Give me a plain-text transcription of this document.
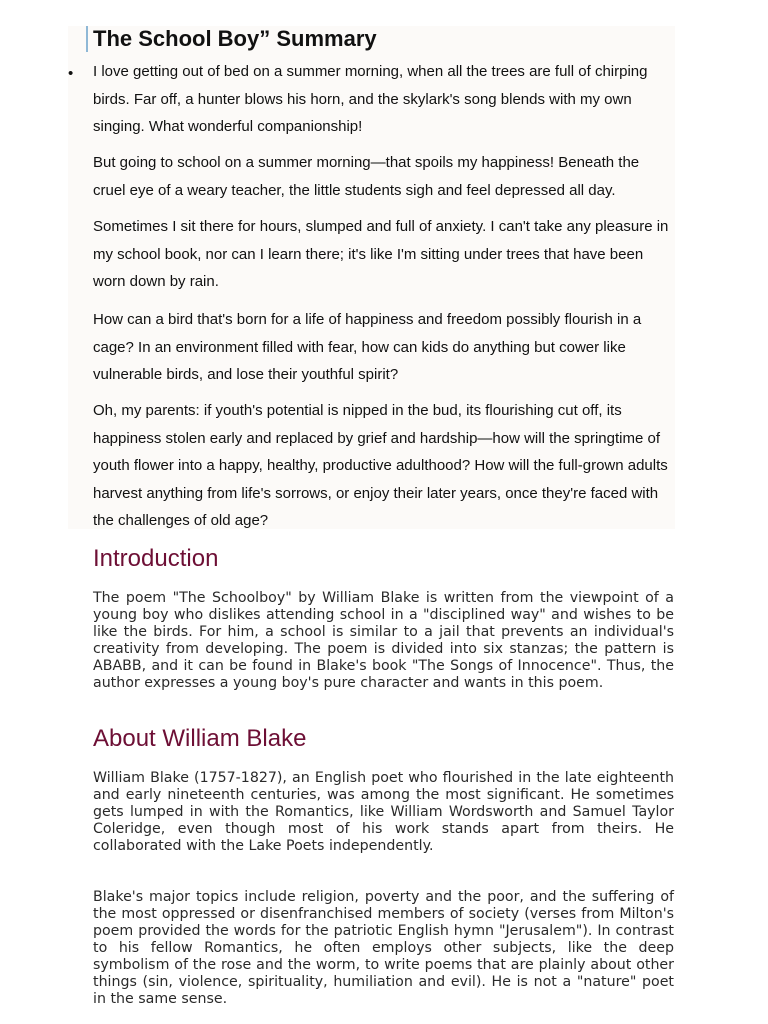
The School Boy” Summary
• I love getting out of bed on a summer morning, when all the trees are full of chirping birds. Far off, a hunter blows his horn, and the skylark's song blends with my own singing. What wonderful companionship!

But going to school on a summer morning—that spoils my happiness! Beneath the cruel eye of a weary teacher, the little students sigh and feel depressed all day.

Sometimes I sit there for hours, slumped and full of anxiety. I can't take any pleasure in my school book, nor can I learn there; it's like I'm sitting under trees that have been worn down by rain.

How can a bird that's born for a life of happiness and freedom possibly flourish in a cage? In an environment filled with fear, how can kids do anything but cower like vulnerable birds, and lose their youthful spirit?

Oh, my parents: if youth's potential is nipped in the bud, its flourishing cut off, its happiness stolen early and replaced by grief and hardship—how will the springtime of youth flower into a happy, healthy, productive adulthood? How will the full-grown adults harvest anything from life's sorrows, or enjoy their later years, once they're faced with the challenges of old age?

Introduction

The poem "The Schoolboy" by William Blake is written from the viewpoint of a young boy who dislikes attending school in a "disciplined way" and wishes to be like the birds. For him, a school is similar to a jail that prevents an individual's creativity from developing. The poem is divided into six stanzas; the pattern is ABABB, and it can be found in Blake's book "The Songs of Innocence". Thus, the author expresses a young boy's pure character and wants in this poem.

About William Blake

William Blake (1757-1827), an English poet who flourished in the late eighteenth and early nineteenth centuries, was among the most significant. He sometimes gets lumped in with the Romantics, like William Wordsworth and Samuel Taylor Coleridge, even though most of his work stands apart from theirs. He collaborated with the Lake Poets independently.

Blake's major topics include religion, poverty and the poor, and the suffering of the most oppressed or disenfranchised members of society (verses from Milton's poem provided the words for the patriotic English hymn "Jerusalem"). In contrast to his fellow Romantics, he often employs other subjects, like the deep symbolism of the rose and the worm, to write poems that are plainly about other things (sin, violence, spirituality, humiliation and evil). He is not a "nature" poet in the same sense.
